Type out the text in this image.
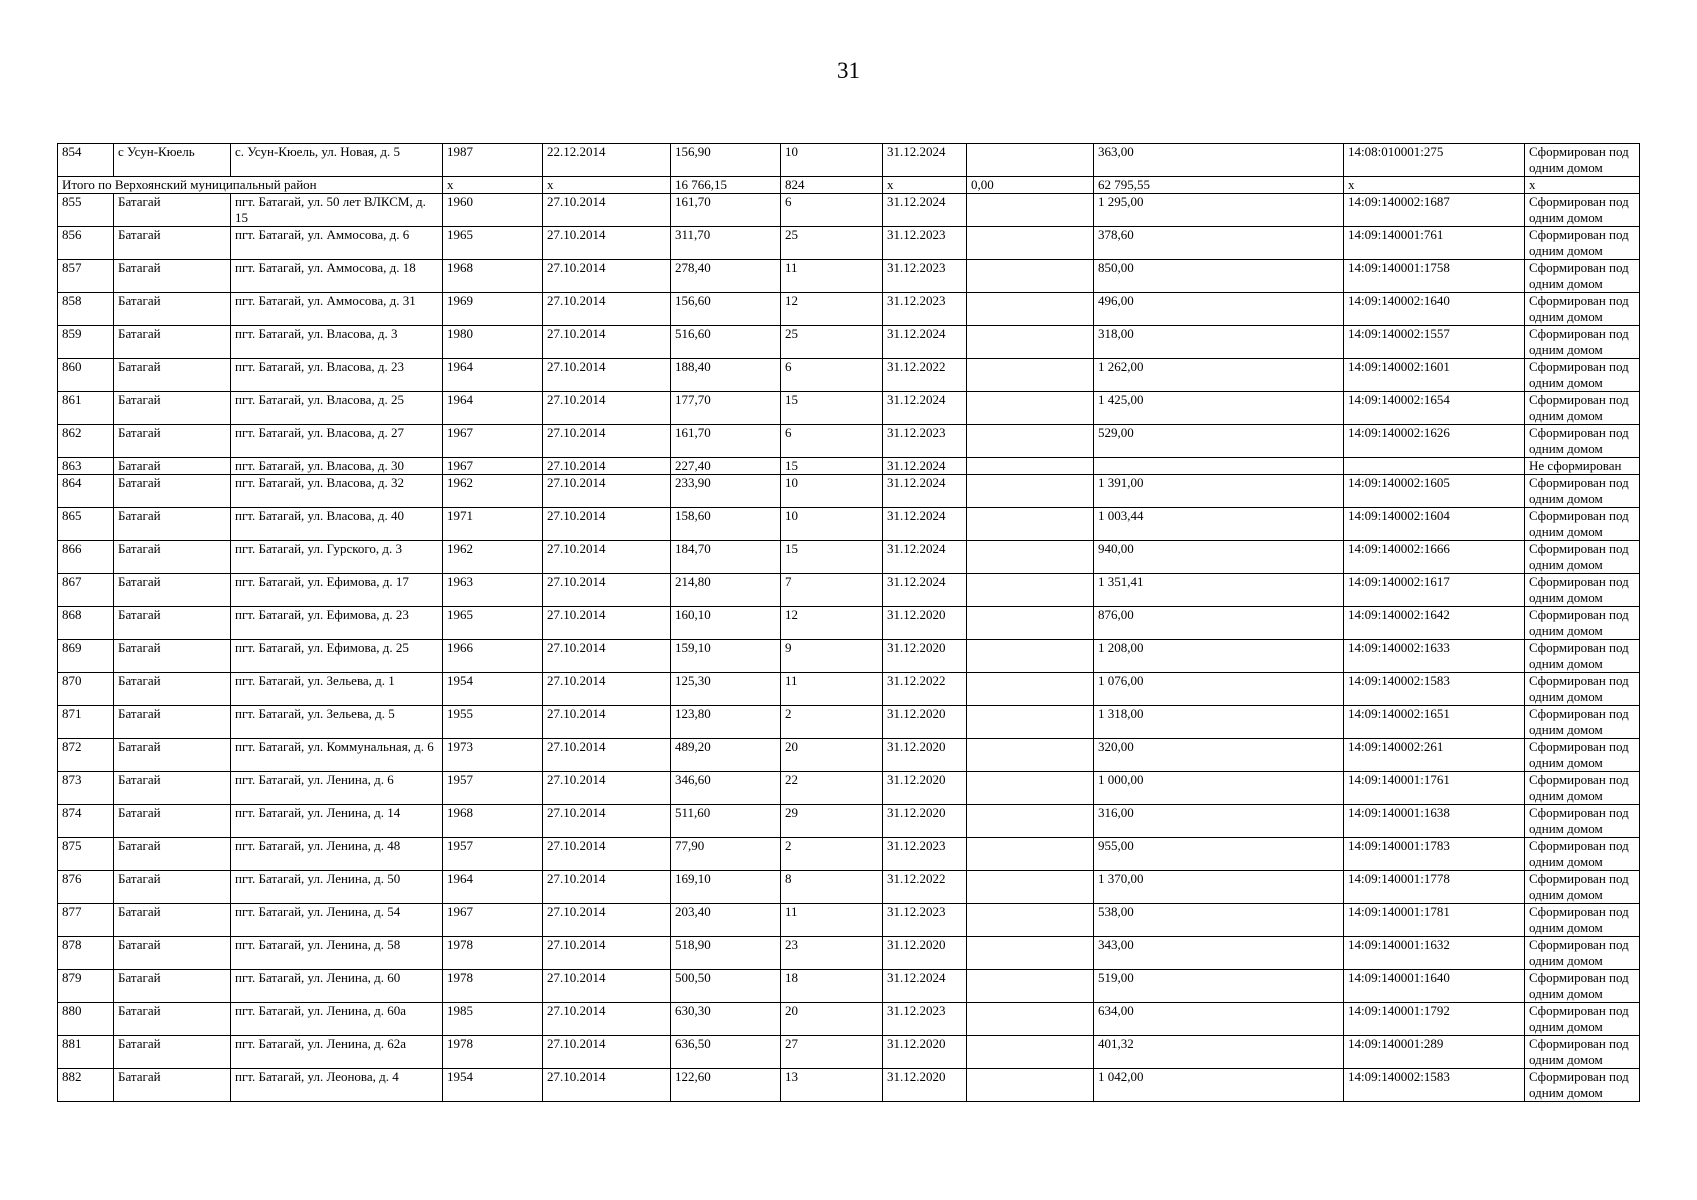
31
854	с Усун-Кюель	с. Усун-Кюель, ул. Новая, д. 5	1987	22.12.2014	156,90	10	31.12.2024		363,00	14:08:010001:275	Сформирован под одним домом
Итого по Верхоянский муниципальный район			x	x	16 766,15	824	x	0,00	62 795,55	x	x
855	Батагай	пгт. Батагай, ул. 50 лет ВЛКСМ, д. 15	1960	27.10.2014	161,70	6	31.12.2024		1 295,00	14:09:140002:1687	Сформирован под одним домом
856	Батагай	пгт. Батагай, ул. Аммосова, д. 6	1965	27.10.2014	311,70	25	31.12.2023		378,60	14:09:140001:761	Сформирован под одним домом
857	Батагай	пгт. Батагай, ул. Аммосова, д. 18	1968	27.10.2014	278,40	11	31.12.2023		850,00	14:09:140001:1758	Сформирован под одним домом
858	Батагай	пгт. Батагай, ул. Аммосова, д. 31	1969	27.10.2014	156,60	12	31.12.2023		496,00	14:09:140002:1640	Сформирован под одним домом
859	Батагай	пгт. Батагай, ул. Власова, д. 3	1980	27.10.2014	516,60	25	31.12.2024		318,00	14:09:140002:1557	Сформирован под одним домом
860	Батагай	пгт. Батагай, ул. Власова, д. 23	1964	27.10.2014	188,40	6	31.12.2022		1 262,00	14:09:140002:1601	Сформирован под одним домом
861	Батагай	пгт. Батагай, ул. Власова, д. 25	1964	27.10.2014	177,70	15	31.12.2024		1 425,00	14:09:140002:1654	Сформирован под одним домом
862	Батагай	пгт. Батагай, ул. Власова, д. 27	1967	27.10.2014	161,70	6	31.12.2023		529,00	14:09:140002:1626	Сформирован под одним домом
863	Батагай	пгт. Батагай, ул. Власова, д. 30	1967	27.10.2014	227,40	15	31.12.2024				Не сформирован
864	Батагай	пгт. Батагай, ул. Власова, д. 32	1962	27.10.2014	233,90	10	31.12.2024		1 391,00	14:09:140002:1605	Сформирован под одним домом
865	Батагай	пгт. Батагай, ул. Власова, д. 40	1971	27.10.2014	158,60	10	31.12.2024		1 003,44	14:09:140002:1604	Сформирован под одним домом
866	Батагай	пгт. Батагай, ул. Гурского, д. 3	1962	27.10.2014	184,70	15	31.12.2024		940,00	14:09:140002:1666	Сформирован под одним домом
867	Батагай	пгт. Батагай, ул. Ефимова, д. 17	1963	27.10.2014	214,80	7	31.12.2024		1 351,41	14:09:140002:1617	Сформирован под одним домом
868	Батагай	пгт. Батагай, ул. Ефимова, д. 23	1965	27.10.2014	160,10	12	31.12.2020		876,00	14:09:140002:1642	Сформирован под одним домом
869	Батагай	пгт. Батагай, ул. Ефимова, д. 25	1966	27.10.2014	159,10	9	31.12.2020		1 208,00	14:09:140002:1633	Сформирован под одним домом
870	Батагай	пгт. Батагай, ул. Зельева, д. 1	1954	27.10.2014	125,30	11	31.12.2022		1 076,00	14:09:140002:1583	Сформирован под одним домом
871	Батагай	пгт. Батагай, ул. Зельева, д. 5	1955	27.10.2014	123,80	2	31.12.2020		1 318,00	14:09:140002:1651	Сформирован под одним домом
872	Батагай	пгт. Батагай, ул. Коммунальная, д. 6	1973	27.10.2014	489,20	20	31.12.2020		320,00	14:09:140002:261	Сформирован под одним домом
873	Батагай	пгт. Батагай, ул. Ленина, д. 6	1957	27.10.2014	346,60	22	31.12.2020		1 000,00	14:09:140001:1761	Сформирован под одним домом
874	Батагай	пгт. Батагай, ул. Ленина, д. 14	1968	27.10.2014	511,60	29	31.12.2020		316,00	14:09:140001:1638	Сформирован под одним домом
875	Батагай	пгт. Батагай, ул. Ленина, д. 48	1957	27.10.2014	77,90	2	31.12.2023		955,00	14:09:140001:1783	Сформирован под одним домом
876	Батагай	пгт. Батагай, ул. Ленина, д. 50	1964	27.10.2014	169,10	8	31.12.2022		1 370,00	14:09:140001:1778	Сформирован под одним домом
877	Батагай	пгт. Батагай, ул. Ленина, д. 54	1967	27.10.2014	203,40	11	31.12.2023		538,00	14:09:140001:1781	Сформирован под одним домом
878	Батагай	пгт. Батагай, ул. Ленина, д. 58	1978	27.10.2014	518,90	23	31.12.2020		343,00	14:09:140001:1632	Сформирован под одним домом
879	Батагай	пгт. Батагай, ул. Ленина, д. 60	1978	27.10.2014	500,50	18	31.12.2024		519,00	14:09:140001:1640	Сформирован под одним домом
880	Батагай	пгт. Батагай, ул. Ленина, д. 60а	1985	27.10.2014	630,30	20	31.12.2023		634,00	14:09:140001:1792	Сформирован под одним домом
881	Батагай	пгт. Батагай, ул. Ленина, д. 62а	1978	27.10.2014	636,50	27	31.12.2020		401,32	14:09:140001:289	Сформирован под одним домом
882	Батагай	пгт. Батагай, ул. Леонова, д. 4	1954	27.10.2014	122,60	13	31.12.2020		1 042,00	14:09:140002:1583	Сформирован под одним домом
